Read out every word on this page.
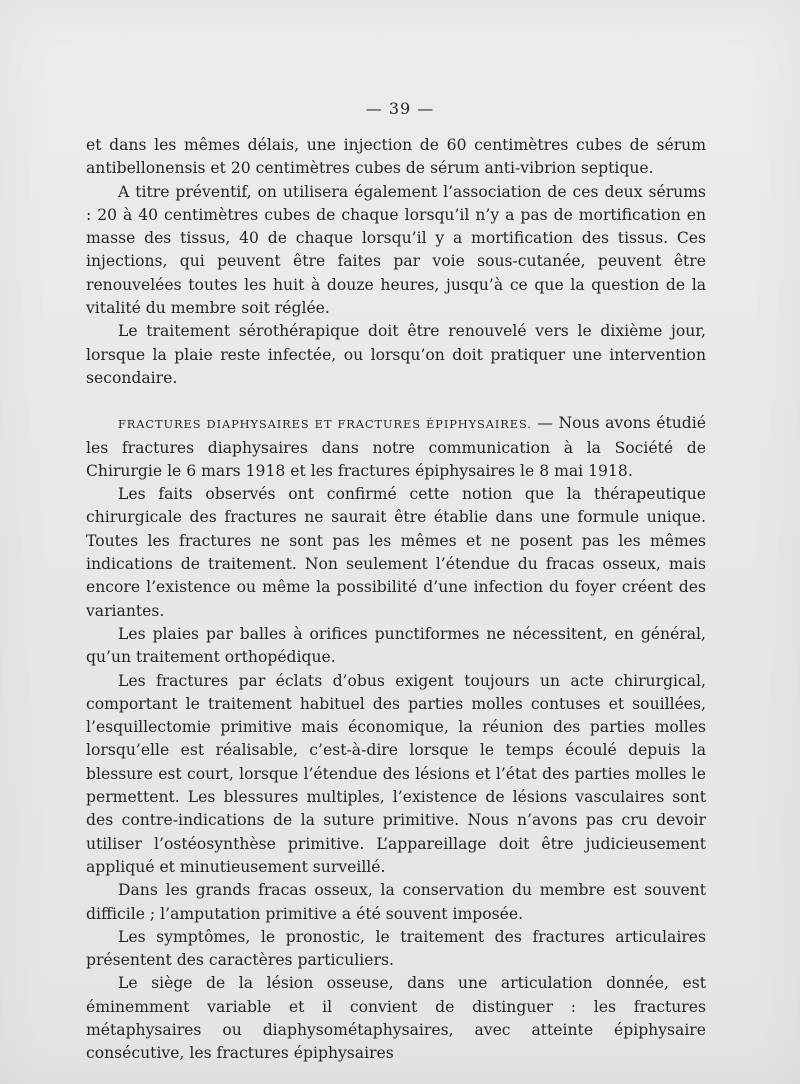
— 39 —

et dans les mêmes délais, une injection de 60 centimètres cubes de sérum antibellonensis et 20 centimètres cubes de sérum anti-vibrion septique.

A titre préventif, on utilisera également l’association de ces deux sérums : 20 à 40 centimètres cubes de chaque lorsqu’il n’y a pas de mortification en masse des tissus, 40 de chaque lorsqu’il y a mortification des tissus. Ces injections, qui peuvent être faites par voie sous-cutanée, peuvent être renouvelées toutes les huit à douze heures, jusqu’à ce que la question de la vitalité du membre soit réglée.

Le traitement sérothérapique doit être renouvelé vers le dixième jour, lorsque la plaie reste infectée, ou lorsqu’on doit pratiquer une intervention secondaire.

FRACTURES DIAPHYSAIRES ET FRACTURES ÉPIPHYSAIRES. — Nous avons étudié les fractures diaphysaires dans notre communication à la Société de Chirurgie le 6 mars 1918 et les fractures épiphysaires le 8 mai 1918.

Les faits observés ont confirmé cette notion que la thérapeutique chirurgicale des fractures ne saurait être établie dans une formule unique. Toutes les fractures ne sont pas les mêmes et ne posent pas les mêmes indications de traitement. Non seulement l’étendue du fracas osseux, mais encore l’existence ou même la possibilité d’une infection du foyer créent des variantes.

Les plaies par balles à orifices punctiformes ne nécessitent, en général, qu’un traitement orthopédique.

Les fractures par éclats d’obus exigent toujours un acte chirurgical, comportant le traitement habituel des parties molles contuses et souillées, l’esquillectomie primitive mais économique, la réunion des parties molles lorsqu’elle est réalisable, c’est-à-dire lorsque le temps écoulé depuis la blessure est court, lorsque l’étendue des lésions et l’état des parties molles le permettent. Les blessures multiples, l’existence de lésions vasculaires sont des contre-indications de la suture primitive. Nous n’avons pas cru devoir utiliser l’ostéosynthèse primitive. L’appareillage doit être judicieusement appliqué et minutieusement surveillé.

Dans les grands fracas osseux, la conservation du membre est souvent difficile ; l’amputation primitive a été souvent imposée.

Les symptômes, le pronostic, le traitement des fractures articulaires présentent des caractères particuliers.

Le siège de la lésion osseuse, dans une articulation donnée, est éminemment variable et il convient de distinguer : les fractures métaphysaires ou diaphysométaphysaires, avec atteinte épiphysaire consécutive, les fractures épiphysaires
